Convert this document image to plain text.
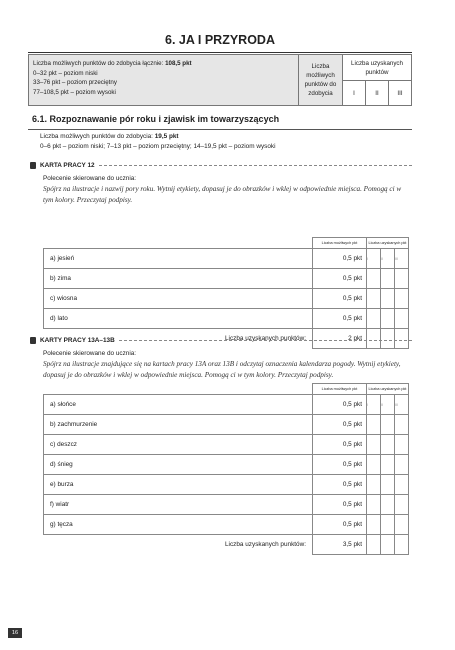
6. JA I PRZYRODA
Liczba możliwych punktów do zdobycia łącznie: 108,5 pkt
0–32 pkt – poziom niski
33–76 pkt – poziom przeciętny
77–108,5 pkt – poziom wysoki
Liczba możliwych punktów do zdobycia
Liczba uzyskanych punktów
I	II	III
6.1. Rozpoznawanie pór roku i zjawisk im towarzyszących
Liczba możliwych punktów do zdobycia: 19,5 pkt
0–6 pkt – poziom niski; 7–13 pkt – poziom przeciętny; 14–19,5 pkt – poziom wysoki
KARTA PRACY 12
Polecenie skierowane do ucznia:
Spójrz na ilustracje i nazwij pory roku. Wytnij etykiety, dopasuj je do obrazków i wklej w odpowiednie miejsca. Pomogą ci w tym kolory. Przeczytaj podpisy.
	Liczba możliwych pkt	Liczba uzyskanych pkt		
a) jesień	0,5 pkt	I	II	III
b) zima	0,5 pkt			
c) wiosna	0,5 pkt			
d) lato	0,5 pkt			
Liczba uzyskanych punktów:	2 pkt			
KARTY PRACY 13A–13B
Polecenie skierowane do ucznia:
Spójrz na ilustracje znajdujące się na kartach pracy 13A oraz 13B i odczytaj oznaczenia kalendarza pogody. Wytnij etykiety, dopasuj je do obrazków i wklej w odpowiednie miejsca. Pomogą ci w tym kolory. Przeczytaj podpisy.
	Liczba możliwych pkt	Liczba uzyskanych pkt		
a) słońce	0,5 pkt	I	II	III
b) zachmurzenie	0,5 pkt			
c) deszcz	0,5 pkt			
d) śnieg	0,5 pkt			
e) burza	0,5 pkt			
f) wiatr	0,5 pkt			
g) tęcza	0,5 pkt			
Liczba uzyskanych punktów:	3,5 pkt			
16
